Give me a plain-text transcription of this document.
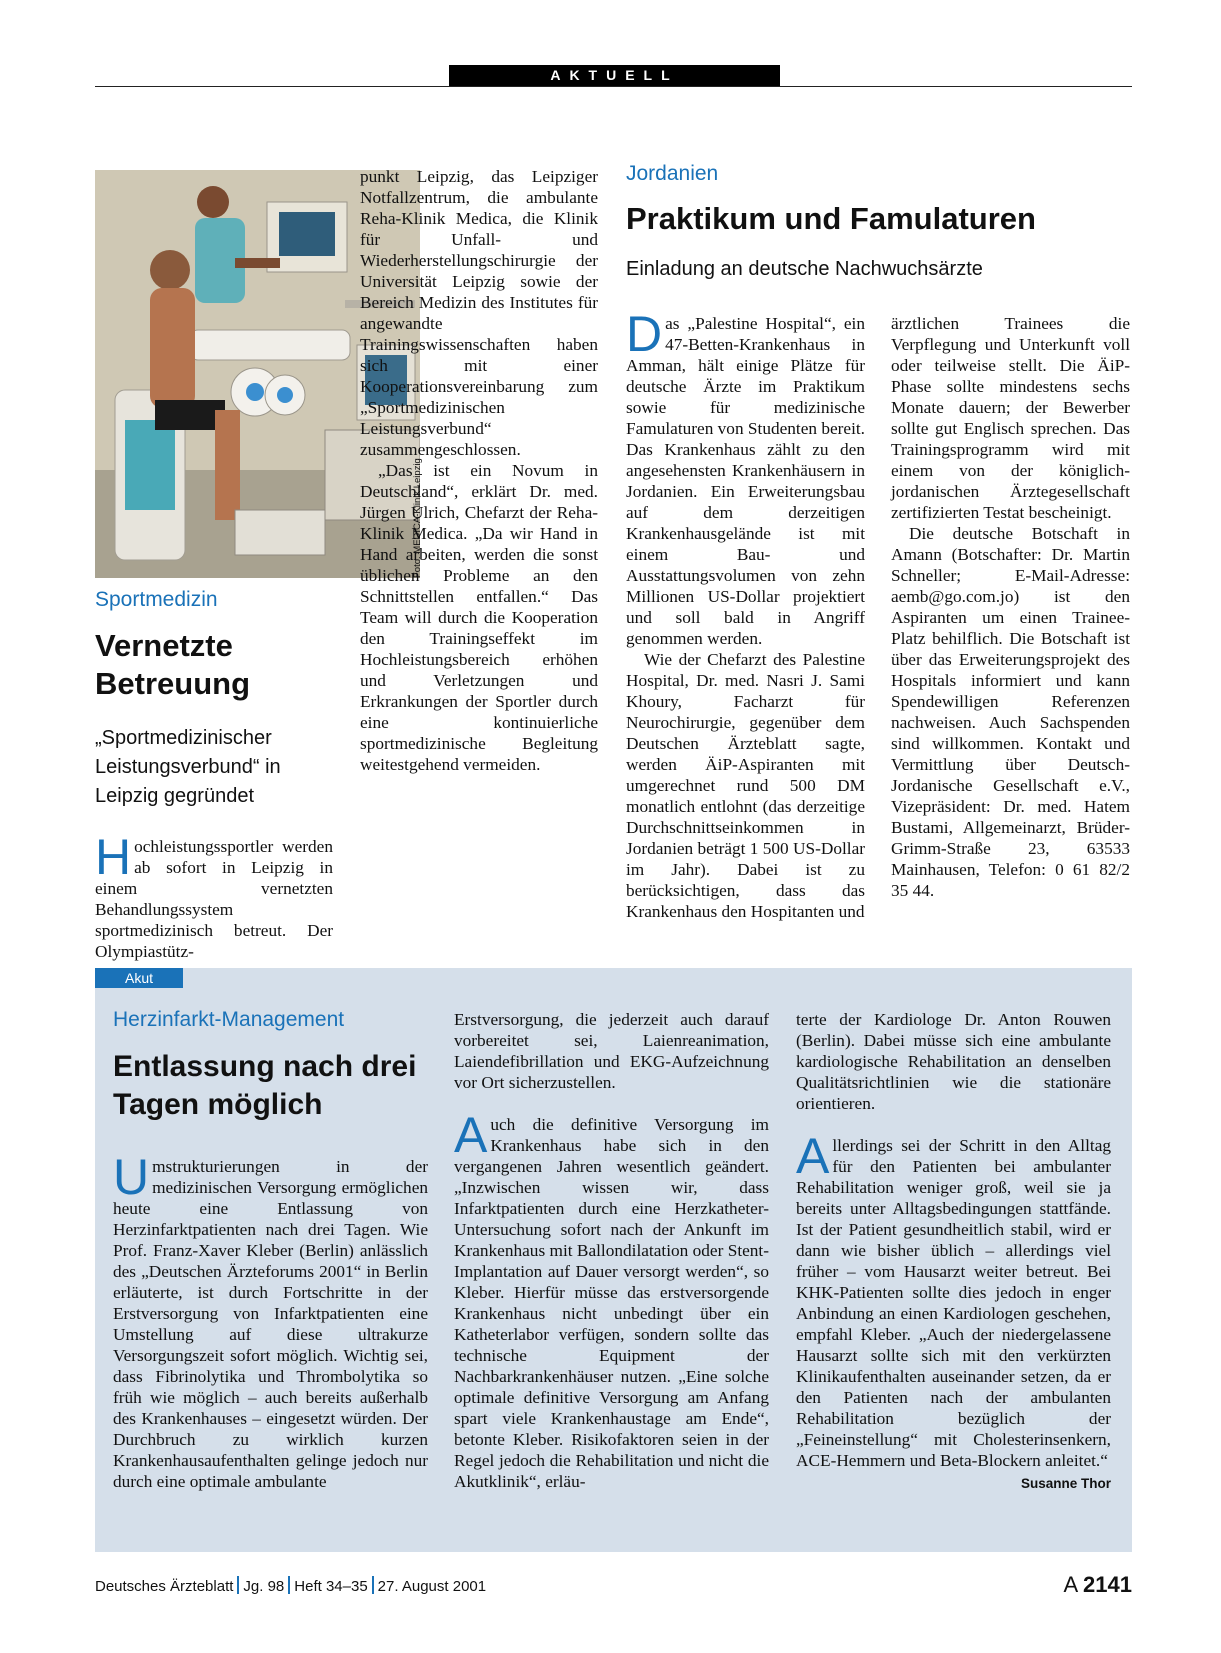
AKTUELL
Foto: MEDICA-Klinik Leipzig
Sportmedizin
Vernetzte Betreuung
„Sportmedizinischer Leistungsverbund“ in Leipzig gegründet

Hochleistungssportler werden ab sofort in Leipzig in einem vernetzten Behandlungssystem sportmedizinisch betreut. Der Olympiastütz-

punkt Leipzig, das Leipziger Notfallzentrum, die ambulante Reha-Klinik Medica, die Klinik für Unfall- und Wiederherstellungschirurgie der Universität Leipzig sowie der Bereich Medizin des Institutes für angewandte Trainingswissenschaften haben sich mit einer Kooperationsvereinbarung zum „Sportmedizinischen Leistungsverbund“ zusammengeschlossen.

„Das ist ein Novum in Deutschland“, erklärt Dr. med. Jürgen Ulrich, Chefarzt der Reha-Klinik Medica. „Da wir Hand in Hand arbeiten, werden die sonst üblichen Probleme an den Schnittstellen entfallen.“ Das Team will durch die Kooperation den Trainingseffekt im Hochleistungsbereich erhöhen und Verletzungen und Erkrankungen der Sportler durch eine kontinuierliche sportmedizinische Begleitung weitestgehend vermeiden.

Jordanien
Praktikum und Famulaturen
Einladung an deutsche Nachwuchsärzte

Das „Palestine Hospital“, ein 47-Betten-Krankenhaus in Amman, hält einige Plätze für deutsche Ärzte im Praktikum sowie für medizinische Famulaturen von Studenten bereit. Das Krankenhaus zählt zu den angesehensten Krankenhäusern in Jordanien. Ein Erweiterungsbau auf dem derzeitigen Krankenhausgelände ist mit einem Bau- und Ausstattungsvolumen von zehn Millionen US-Dollar projektiert und soll bald in Angriff genommen werden.

Wie der Chefarzt des Palestine Hospital, Dr. med. Nasri J. Sami Khoury, Facharzt für Neurochirurgie, gegenüber dem Deutschen Ärzteblatt sagte, werden ÄiP-Aspiranten mit umgerechnet rund 500 DM monatlich entlohnt (das derzeitige Durchschnittseinkommen in Jordanien beträgt 1 500 US-Dollar im Jahr). Dabei ist zu berücksichtigen, dass das Krankenhaus den Hospitanten und

ärztlichen Trainees die Verpflegung und Unterkunft voll oder teilweise stellt. Die ÄiP-Phase sollte mindestens sechs Monate dauern; der Bewerber sollte gut Englisch sprechen. Das Trainingsprogramm wird mit einem von der königlich-jordanischen Ärztegesellschaft zertifizierten Testat bescheinigt.

Die deutsche Botschaft in Amann (Botschafter: Dr. Martin Schneller; E-Mail-Adresse: aemb@go.com.jo) ist den Aspiranten um einen Trainee-Platz behilflich. Die Botschaft ist über das Erweiterungsprojekt des Hospitals informiert und kann Spendewilligen Referenzen nachweisen. Auch Sachspenden sind willkommen. Kontakt und Vermittlung über Deutsch-Jordanische Gesellschaft e.V., Vizepräsident: Dr. med. Hatem Bustami, Allgemeinarzt, Brüder-Grimm-Straße 23, 63533 Mainhausen, Telefon: 0 61 82/2 35 44.

Akut
Herzinfarkt-Management
Entlassung nach drei Tagen möglich

Umstrukturierungen in der medizinischen Versorgung ermöglichen heute eine Entlassung von Herzinfarktpatienten nach drei Tagen. Wie Prof. Franz-Xaver Kleber (Berlin) anlässlich des „Deutschen Ärzteforums 2001“ in Berlin erläuterte, ist durch Fortschritte in der Erstversorgung von Infarktpatienten eine Umstellung auf diese ultrakurze Versorgungszeit sofort möglich. Wichtig sei, dass Fibrinolytika und Thrombolytika so früh wie möglich – auch bereits außerhalb des Krankenhauses – eingesetzt würden. Der Durchbruch zu wirklich kurzen Krankenhausaufenthalten gelinge jedoch nur durch eine optimale ambulante

Erstversorgung, die jederzeit auch darauf vorbereitet sei, Laienreanimation, Laiendefibrillation und EKG-Aufzeichnung vor Ort sicherzustellen.

Auch die definitive Versorgung im Krankenhaus habe sich in den vergangenen Jahren wesentlich geändert. „Inzwischen wissen wir, dass Infarktpatienten durch eine Herzkatheter-Untersuchung sofort nach der Ankunft im Krankenhaus mit Ballondilatation oder Stent-Implantation auf Dauer versorgt werden“, so Kleber. Hierfür müsse das erstversorgende Krankenhaus nicht unbedingt über ein Katheterlabor verfügen, sondern sollte das technische Equipment der Nachbarkrankenhäuser nutzen. „Eine solche optimale definitive Versorgung am Anfang spart viele Krankenhaustage am Ende“, betonte Kleber. Risikofaktoren seien in der Regel jedoch die Rehabilitation und nicht die Akutklinik“, erläu-

terte der Kardiologe Dr. Anton Rouwen (Berlin). Dabei müsse sich eine ambulante kardiologische Rehabilitation an denselben Qualitätsrichtlinien wie die stationäre orientieren.

Allerdings sei der Schritt in den Alltag für den Patienten bei ambulanter Rehabilitation weniger groß, weil sie ja bereits unter Alltagsbedingungen stattfände. Ist der Patient gesundheitlich stabil, wird er dann wie bisher üblich – allerdings viel früher – vom Hausarzt weiter betreut. Bei KHK-Patienten sollte dies jedoch in enger Anbindung an einen Kardiologen geschehen, empfahl Kleber. „Auch der niedergelassene Hausarzt sollte sich mit den verkürzten Klinikaufenthalten auseinander setzen, da er den Patienten nach der ambulanten Rehabilitation bezüglich der „Feineinstellung“ mit Cholesterinsenkern, ACE-Hemmern und Beta-Blockern anleitet.“
Susanne Thor

Deutsches Ärzteblatt Jg. 98 Heft 34–35 27. August 2001	A 2141
